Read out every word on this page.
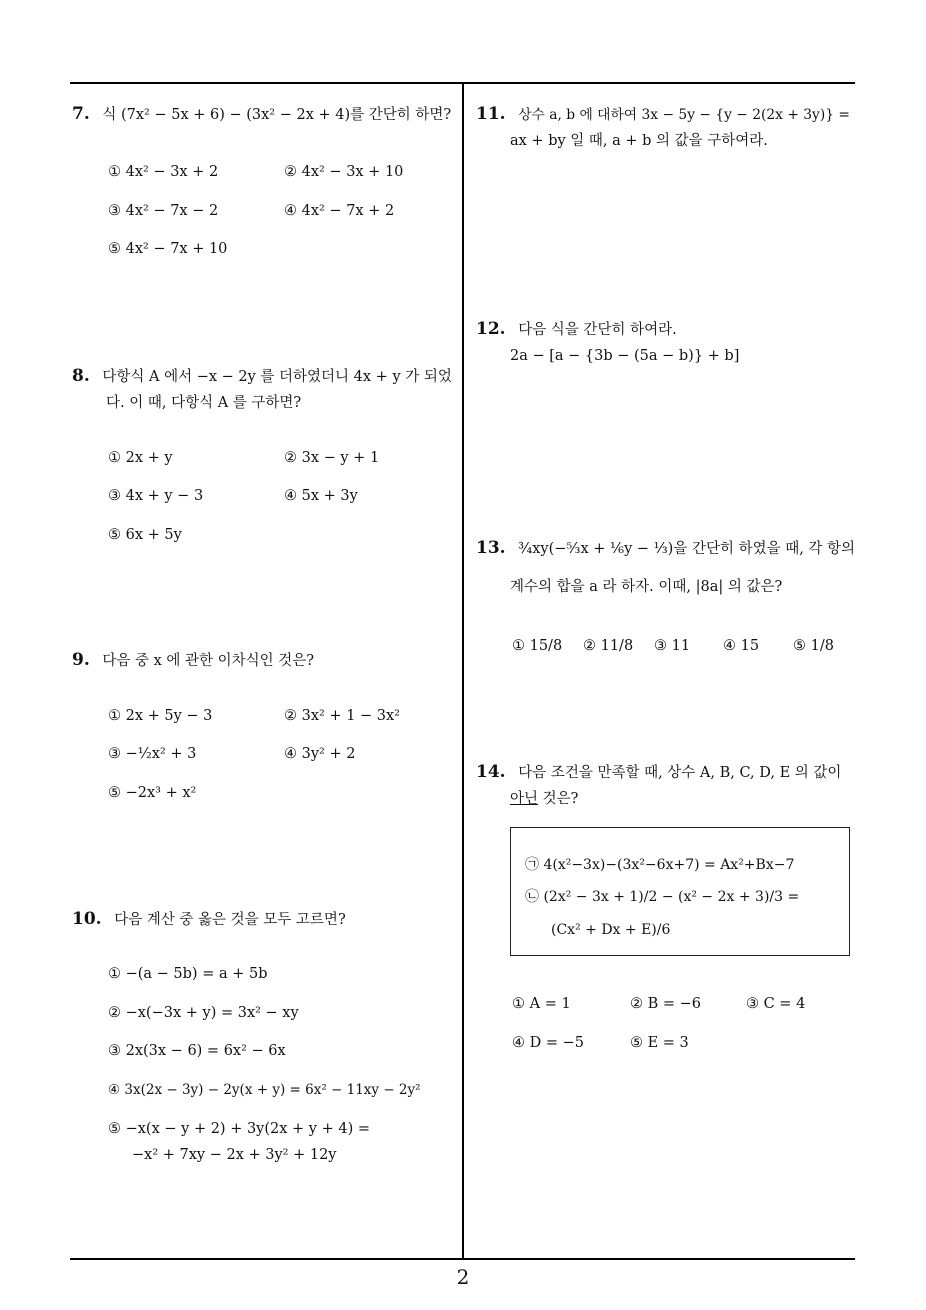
7. 식 (7x² − 5x + 6) − (3x² − 2x + 4)를 간단히 하면?
① 4x² − 3x + 2	② 4x² − 3x + 10
③ 4x² − 7x − 2	④ 4x² − 7x + 2
⑤ 4x² − 7x + 10
8. 다항식 A 에서 −x − 2y 를 더하였더니 4x + y 가 되었
다. 이 때, 다항식 A 를 구하면?
① 2x + y	② 3x − y + 1
③ 4x + y − 3	④ 5x + 3y
⑤ 6x + 5y
9. 다음 중 x 에 관한 이차식인 것은?
① 2x + 5y − 3	② 3x² + 1 − 3x²
③ −½x² + 3	④ 3y² + 2
⑤ −2x³ + x²
10. 다음 계산 중 옳은 것을 모두 고르면?
① −(a − 5b) = a + 5b
② −x(−3x + y) = 3x² − xy
③ 2x(3x − 6) = 6x² − 6x
④ 3x(2x − 3y) − 2y(x + y) = 6x² − 11xy − 2y²
⑤ −x(x − y + 2) + 3y(2x + y + 4) =
−x² + 7xy − 2x + 3y² + 12y
11. 상수 a, b 에 대하여 3x − 5y − {y − 2(2x + 3y)} =
ax + by 일 때, a + b 의 값을 구하여라.
12. 다음 식을 간단히 하여라.
2a − [a − {3b − (5a − b)} + b]
13. ¾xy(−⁵⁄₃x + ⅙y − ⅓)을 간단히 하였을 때, 각 항의
계수의 합을 a 라 하자. 이때, |8a| 의 값은?
① 15/8 ② 11/8 ③ 11 ④ 15 ⑤ 1/8
14. 다음 조건을 만족할 때, 상수 A, B, C, D, E 의 값이
아닌 것은?
㉠ 4(x²−3x)−(3x²−6x+7) = Ax²+Bx−7
㉡ (2x² − 3x + 1)/2 − (x² − 2x + 3)/3 =
(Cx² + Dx + E)/6
① A = 1	② B = −6	③ C = 4
④ D = −5	⑤ E = 3
2
